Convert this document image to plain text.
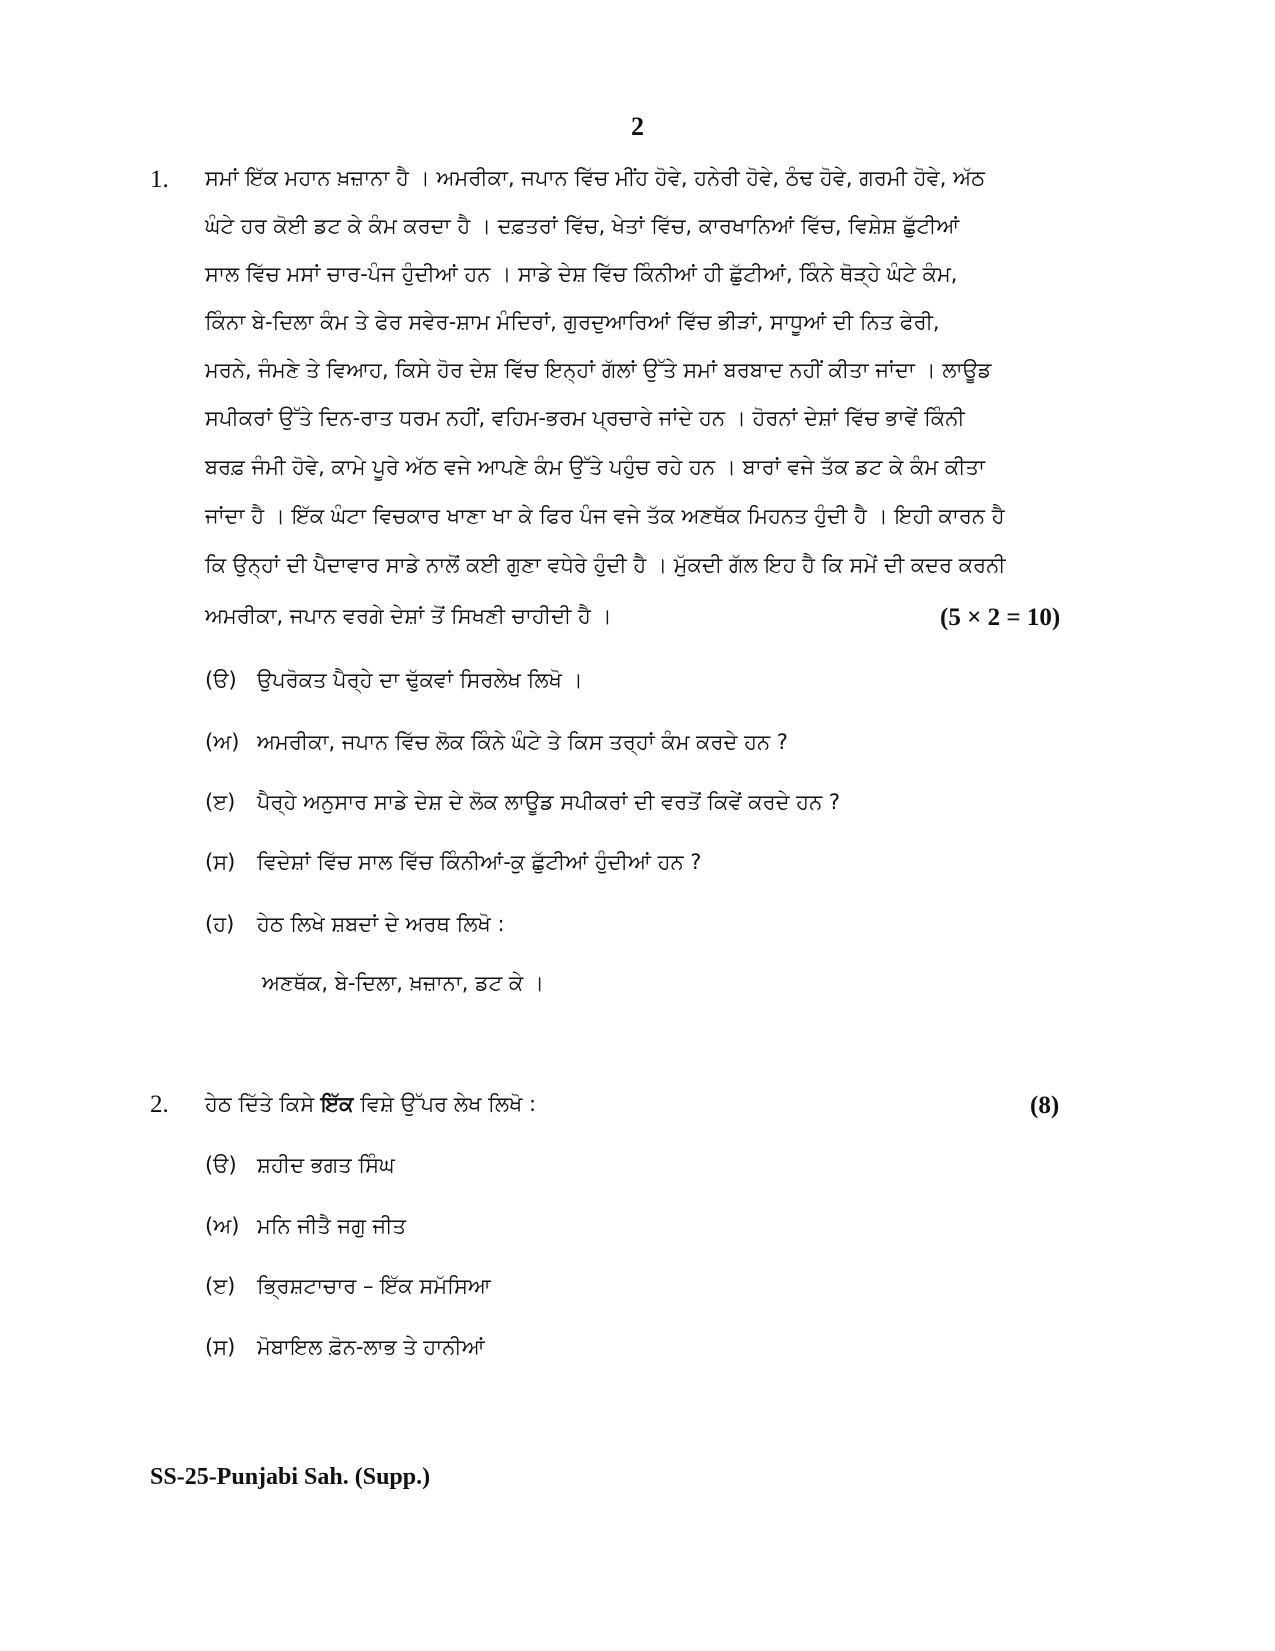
2
1. ਸਮਾਂ ਇੱਕ ਮਹਾਨ ਖ਼ਜ਼ਾਨਾ ਹੈ । ਅਮਰੀਕਾ, ਜਪਾਨ ਵਿੱਚ ਮੀਂਹ ਹੋਵੇ, ਹਨੇਰੀ ਹੋਵੇ, ਠੰਢ ਹੋਵੇ, ਗਰਮੀ ਹੋਵੇ, ਅੱਠ
ਘੰਟੇ ਹਰ ਕੋਈ ਡਟ ਕੇ ਕੰਮ ਕਰਦਾ ਹੈ । ਦਫ਼ਤਰਾਂ ਵਿੱਚ, ਖੇਤਾਂ ਵਿੱਚ, ਕਾਰਖਾਨਿਆਂ ਵਿੱਚ, ਵਿਸ਼ੇਸ਼ ਛੁੱਟੀਆਂ
ਸਾਲ ਵਿੱਚ ਮਸਾਂ ਚਾਰ-ਪੰਜ ਹੁੰਦੀਆਂ ਹਨ । ਸਾਡੇ ਦੇਸ਼ ਵਿੱਚ ਕਿੰਨੀਆਂ ਹੀ ਛੁੱਟੀਆਂ, ਕਿੰਨੇ ਥੋੜ੍ਹੇ ਘੰਟੇ ਕੰਮ,
ਕਿੰਨਾ ਬੇ-ਦਿਲਾ ਕੰਮ ਤੇ ਫੇਰ ਸਵੇਰ-ਸ਼ਾਮ ਮੰਦਿਰਾਂ, ਗੁਰਦੁਆਰਿਆਂ ਵਿੱਚ ਭੀੜਾਂ, ਸਾਧੂਆਂ ਦੀ ਨਿਤ ਫੇਰੀ,
ਮਰਨੇ, ਜੰਮਣੇ ਤੇ ਵਿਆਹ, ਕਿਸੇ ਹੋਰ ਦੇਸ਼ ਵਿੱਚ ਇਨ੍ਹਾਂ ਗੱਲਾਂ ਉੱਤੇ ਸਮਾਂ ਬਰਬਾਦ ਨਹੀਂ ਕੀਤਾ ਜਾਂਦਾ । ਲਾਊਡ
ਸਪੀਕਰਾਂ ਉੱਤੇ ਦਿਨ-ਰਾਤ ਧਰਮ ਨਹੀਂ, ਵਹਿਮ-ਭਰਮ ਪ੍ਰਚਾਰੇ ਜਾਂਦੇ ਹਨ । ਹੋਰਨਾਂ ਦੇਸ਼ਾਂ ਵਿੱਚ ਭਾਵੇਂ ਕਿੰਨੀ
ਬਰਫ਼ ਜੰਮੀ ਹੋਵੇ, ਕਾਮੇ ਪੂਰੇ ਅੱਠ ਵਜੇ ਆਪਣੇ ਕੰਮ ਉੱਤੇ ਪਹੁੰਚ ਰਹੇ ਹਨ । ਬਾਰਾਂ ਵਜੇ ਤੱਕ ਡਟ ਕੇ ਕੰਮ ਕੀਤਾ
ਜਾਂਦਾ ਹੈ । ਇੱਕ ਘੰਟਾ ਵਿਚਕਾਰ ਖਾਣਾ ਖਾ ਕੇ ਫਿਰ ਪੰਜ ਵਜੇ ਤੱਕ ਅਣਥੱਕ ਮਿਹਨਤ ਹੁੰਦੀ ਹੈ । ਇਹੀ ਕਾਰਨ ਹੈ
ਕਿ ਉਨ੍ਹਾਂ ਦੀ ਪੈਦਾਵਾਰ ਸਾਡੇ ਨਾਲੋਂ ਕਈ ਗੁਣਾ ਵਧੇਰੇ ਹੁੰਦੀ ਹੈ । ਮੁੱਕਦੀ ਗੱਲ ਇਹ ਹੈ ਕਿ ਸਮੇਂ ਦੀ ਕਦਰ ਕਰਨੀ
ਅਮਰੀਕਾ, ਜਪਾਨ ਵਰਗੇ ਦੇਸ਼ਾਂ ਤੋਂ ਸਿਖਣੀ ਚਾਹੀਦੀ ਹੈ ।	(5 × 2 = 10)
(ੳ) ਉਪਰੋਕਤ ਪੈਰ੍ਹੇ ਦਾ ਢੁੱਕਵਾਂ ਸਿਰਲੇਖ ਲਿਖੋ ।
(ਅ) ਅਮਰੀਕਾ, ਜਪਾਨ ਵਿੱਚ ਲੋਕ ਕਿੰਨੇ ਘੰਟੇ ਤੇ ਕਿਸ ਤਰ੍ਹਾਂ ਕੰਮ ਕਰਦੇ ਹਨ ?
(ੲ) ਪੈਰ੍ਹੇ ਅਨੁਸਾਰ ਸਾਡੇ ਦੇਸ਼ ਦੇ ਲੋਕ ਲਾਊਡ ਸਪੀਕਰਾਂ ਦੀ ਵਰਤੋਂ ਕਿਵੇਂ ਕਰਦੇ ਹਨ ?
(ਸ) ਵਿਦੇਸ਼ਾਂ ਵਿੱਚ ਸਾਲ ਵਿੱਚ ਕਿੰਨੀਆਂ-ਕੁ ਛੁੱਟੀਆਂ ਹੁੰਦੀਆਂ ਹਨ ?
(ਹ) ਹੇਠ ਲਿਖੇ ਸ਼ਬਦਾਂ ਦੇ ਅਰਥ ਲਿਖੋ :
ਅਣਥੱਕ, ਬੇ-ਦਿਲਾ, ਖ਼ਜ਼ਾਨਾ, ਡਟ ਕੇ ।
2. ਹੇਠ ਦਿੱਤੇ ਕਿਸੇ ਇੱਕ ਵਿਸ਼ੇ ਉੱਪਰ ਲੇਖ ਲਿਖੋ :	(8)
(ੳ) ਸ਼ਹੀਦ ਭਗਤ ਸਿੰਘ
(ਅ) ਮਨਿ ਜੀਤੈ ਜਗੁ ਜੀਤ
(ੲ) ਭ੍ਰਿਸ਼ਟਾਚਾਰ – ਇੱਕ ਸਮੱਸਿਆ
(ਸ) ਮੋਬਾਇਲ ਫ਼ੋਨ-ਲਾਭ ਤੇ ਹਾਨੀਆਂ
SS-25-Punjabi Sah. (Supp.)
